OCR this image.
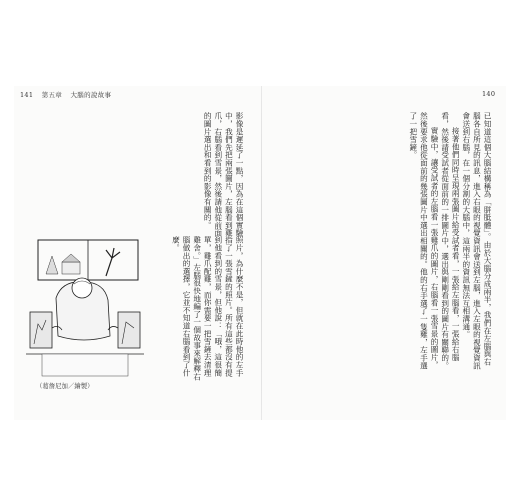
141 第五章 大腦的說故事	140

已知道這個大腦結構稱為「胼胝體」。由於大腦分成兩半，我們在左腦與右腦各自所見的訊息，進入右眼的視覺資訊會送到左腦，進入左眼的視覺資訊會送到右腦，在一個分割的大腦中，這兩半的資訊無法互相溝通。

接著他們同時呈現兩張圖片給受試者看，一張給左腦看，一張給右腦看，然後請受試者從面前的一排圖片中，選出與剛剛看到的圖片有關聯的。

實驗中，讓受試者的左腦看一張雞爪的圖片，右腦看一張雪景的圖片，然後要求他從面前的幾張圖片中選出相關的。他的右手選了一隻雞，左手選了一把雪鏟。

影像是遲延了一點，因為在這個實驗中，我們先把兩張圖片，左腦看到雞爪，右腦看到雪景，然後請他從前面的圖片選出和看到的影像有關的。

照片，為什麼不是，但就在此時他的左手指了一張雪鏟的照片。所有這些都沒有提到他看到的雪景，但他說：「哦，這很簡單，雞爪配雞，而你需要一把雪鏟去清理雞舍。」左腦很快地編了一個故事來解釋右腦做出的選擇，它並不知道右腦看到了什麼。

（葛詹尼加／繪製）
